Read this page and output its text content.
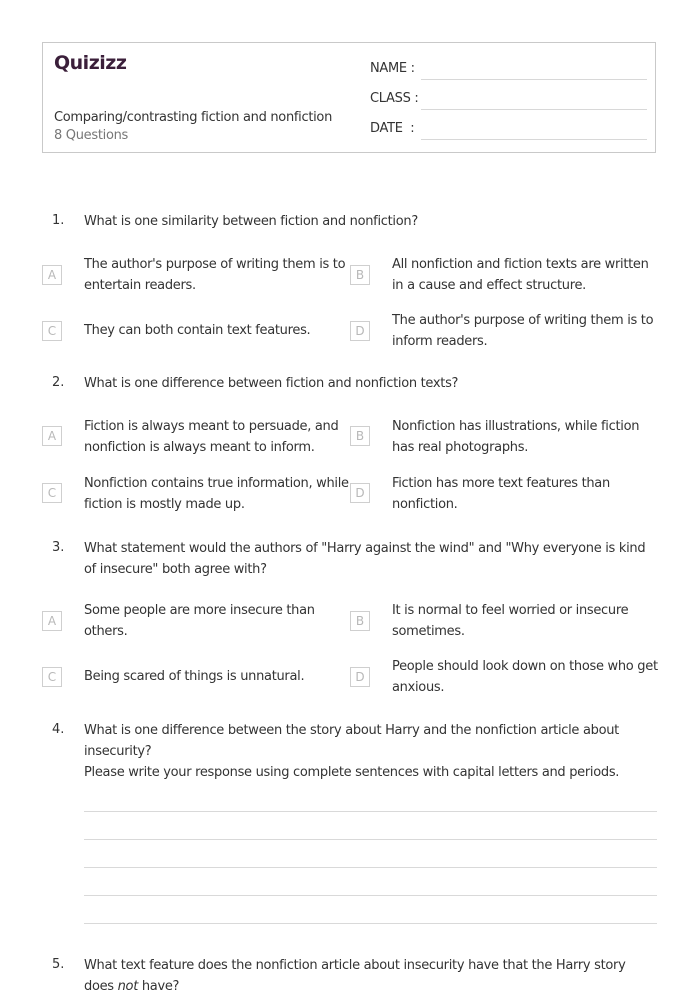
Quizizz
Comparing/contrasting fiction and nonfiction
8 Questions
NAME :
CLASS :
DATE  :
1. What is one similarity between fiction and nonfiction?
A
The author's purpose of writing them is to entertain readers.
B
All nonfiction and fiction texts are written in a cause and effect structure.
C	They can both contain text features.	D
The author's purpose of writing them is to inform readers.
2. What is one difference between fiction and nonfiction texts?
A
Fiction is always meant to persuade, and nonfiction is always meant to inform.
B
Nonfiction has illustrations, while fiction has real photographs.
C
Nonfiction contains true information, while fiction is mostly made up.
D
Fiction has more text features than nonfiction.
3. What statement would the authors of "Harry against the wind" and "Why everyone is kind of insecure" both agree with?
A
Some people are more insecure than others.
B
It is normal to feel worried or insecure sometimes.
C	Being scared of things is unnatural.	D
People should look down on those who get anxious.
4. What is one difference between the story about Harry and the nonfiction article about insecurity?
Please write your response using complete sentences with capital letters and periods.
5. What text feature does the nonfiction article about insecurity have that the Harry story does not have?
